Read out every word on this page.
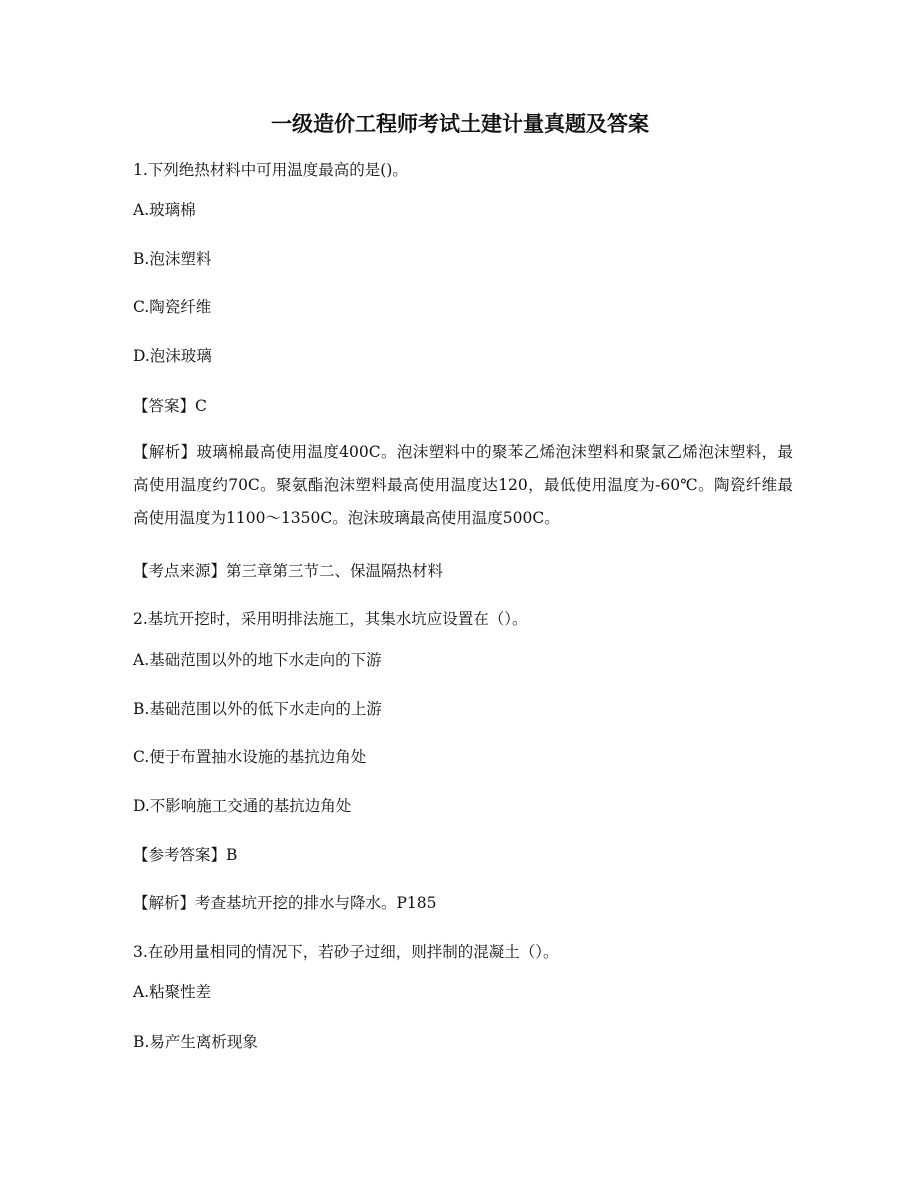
一级造价工程师考试土建计量真题及答案
1.下列绝热材料中可用温度最高的是()。
A.玻璃棉
B.泡沫塑料
C.陶瓷纤维
D.泡沫玻璃
【答案】C
【解析】玻璃棉最高使用温度400C。泡沫塑料中的聚苯乙烯泡沫塑料和聚氯乙烯泡沫塑料，最高使用温度约70C。聚氨酯泡沫塑料最高使用温度达120，最低使用温度为-60℃。陶瓷纤维最高使用温度为1100～1350C。泡沫玻璃最高使用温度500C。
【考点来源】第三章第三节二、保温隔热材料
2.基坑开挖时，采用明排法施工，其集水坑应设置在（）。
A.基础范围以外的地下水走向的下游
B.基础范围以外的低下水走向的上游
C.便于布置抽水设施的基抗边角处
D.不影响施工交通的基抗边角处
【参考答案】B
【解析】考查基坑开挖的排水与降水。P185
3.在砂用量相同的情况下，若砂子过细，则拌制的混凝土（）。
A.粘聚性差
B.易产生离析现象
